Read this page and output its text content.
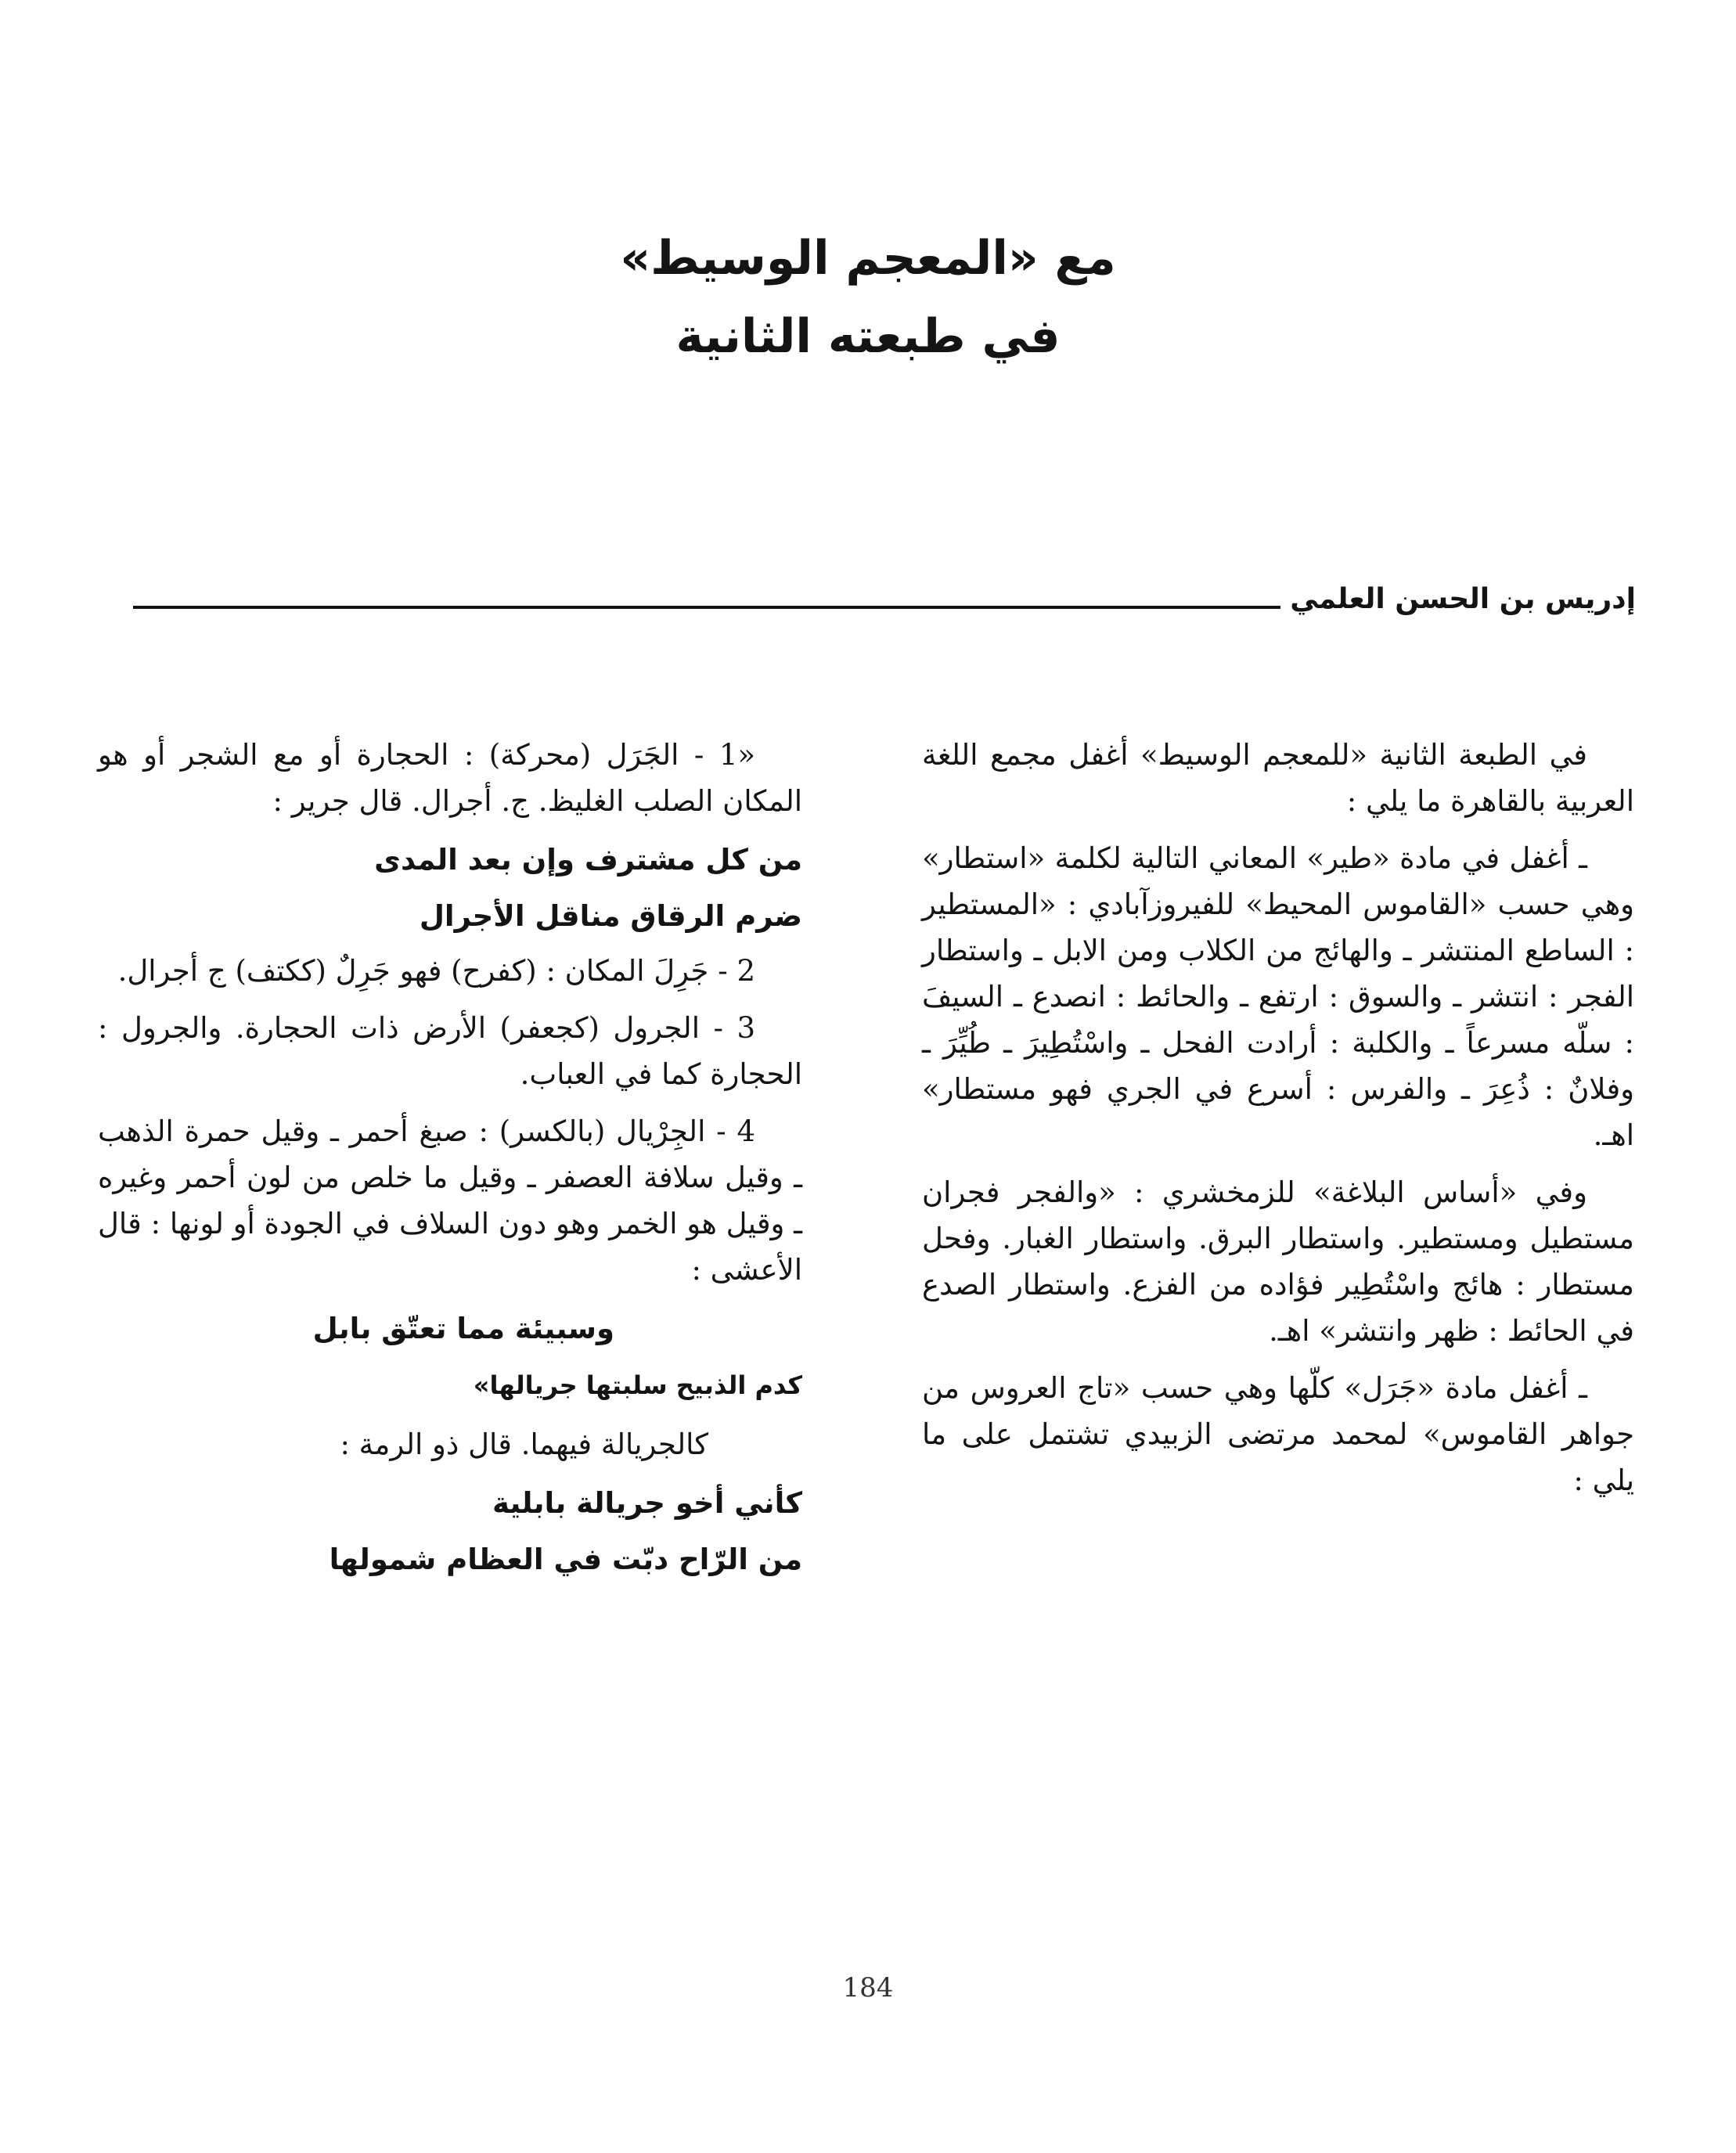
مع «المعجم الوسيط»
في طبعته الثانية
إدريس بن الحسن العلمي

في الطبعة الثانية «للمعجم الوسيط» أغفل مجمع اللغة العربية بالقاهرة ما يلي :

ـ أغفل في مادة «طير» المعاني التالية لكلمة «استطار» وهي حسب «القاموس المحيط» للفيروزآبادي : «المستطير : الساطع المنتشر ـ والهائج من الكلاب ومن الابل ـ واستطار الفجر : انتشر ـ والسوق : ارتفع ـ والحائط : انصدع ـ السيفَ : سلّه مسرعاً ـ والكلبة : أرادت الفحل ـ واسْتُطِيرَ ـ طُيِّرَ ـ وفلانٌ : ذُعِرَ ـ والفرس : أسرع في الجري فهو مستطار» اهـ.

وفي «أساس البلاغة» للزمخشري : «والفجر فجران مستطيل ومستطير. واستطار البرق. واستطار الغبار. وفحل مستطار : هائج واسْتُطِير فؤاده من الفزع. واستطار الصدع في الحائط : ظهر وانتشر» اهـ.

ـ أغفل مادة «جَرَل» كلّها وهي حسب «تاج العروس من جواهر القاموس» لمحمد مرتضى الزبيدي تشتمل على ما يلي :

«1 - الجَرَل (محركة) : الحجارة أو مع الشجر أو هو المكان الصلب الغليظ. ج. أجرال. قال جرير :

من كل مشترف وإن بعد المدى
ضرم الرقاق مناقل الأجرال

2 - جَرِلَ المكان : (كفرح) فهو جَرِلٌ (ككتف) ج أجرال.

3 - الجرول (كجعفر) الأرض ذات الحجارة. والجرول : الحجارة كما في العباب.

4 - الجِرْيال (بالكسر) : صبغ أحمر ـ وقيل حمرة الذهب ـ وقيل سلافة العصفر ـ وقيل ما خلص من لون أحمر وغيره ـ وقيل هو الخمر وهو دون السلاف في الجودة أو لونها : قال الأعشى :

وسبيئة مما تعتّق بابل
كدم الذبيح سلبتها جريالها»
كالجريالة فيهما. قال ذو الرمة :
كأني أخو جريالة بابلية
من الرّاح دبّت في العظام شمولها
184
